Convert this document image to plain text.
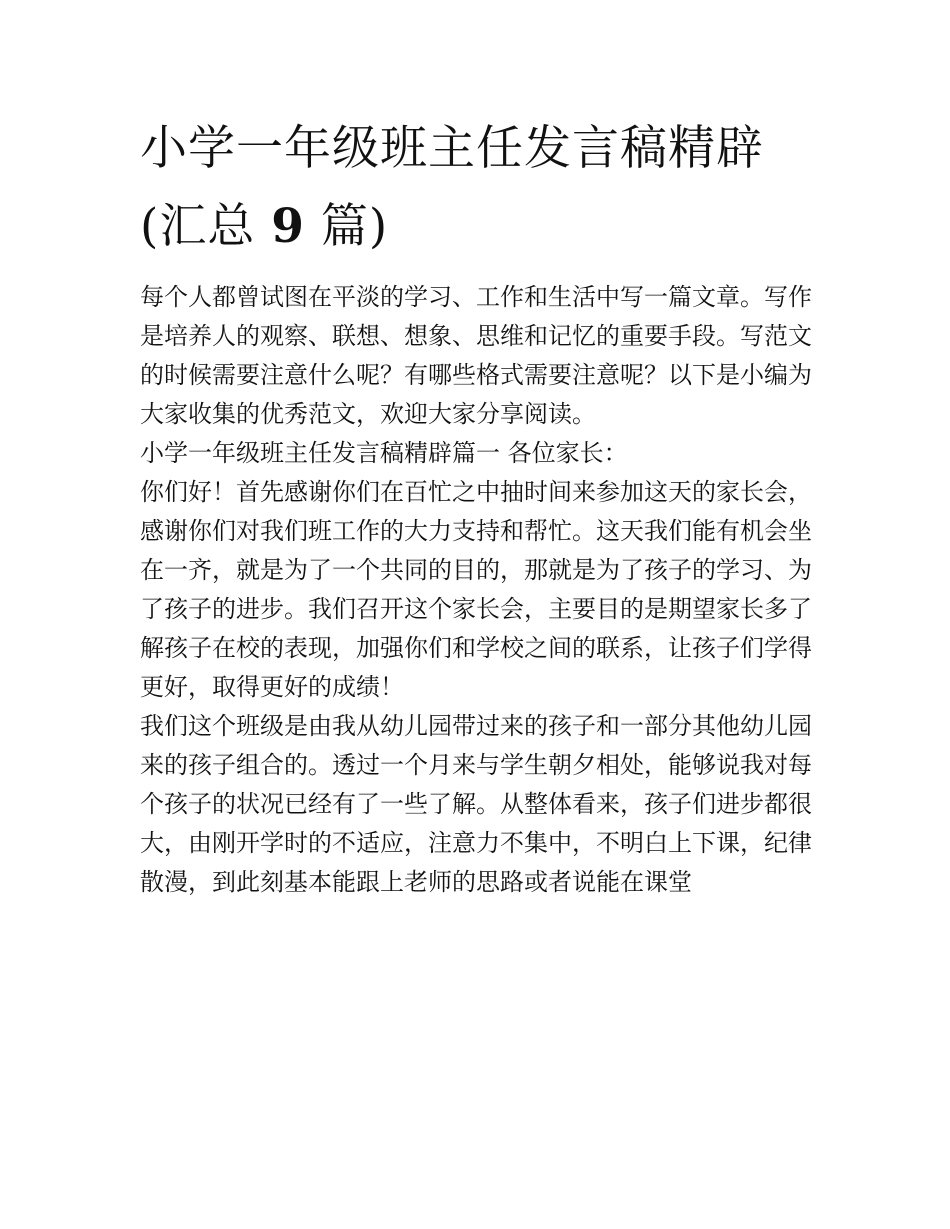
小学一年级班主任发言稿精辟
(汇总 9 篇)

每个人都曾试图在平淡的学习、工作和生活中写一篇文章。写作是培养人的观察、联想、想象、思维和记忆的重要手段。写范文的时候需要注意什么呢？有哪些格式需要注意呢？以下是小编为大家收集的优秀范文，欢迎大家分享阅读。

小学一年级班主任发言稿精辟篇一 各位家长：

你们好！首先感谢你们在百忙之中抽时间来参加这天的家长会，感谢你们对我们班工作的大力支持和帮忙。这天我们能有机会坐在一齐，就是为了一个共同的目的，那就是为了孩子的学习、为了孩子的进步。我们召开这个家长会，主要目的是期望家长多了解孩子在校的表现，加强你们和学校之间的联系，让孩子们学得更好，取得更好的成绩！

我们这个班级是由我从幼儿园带过来的孩子和一部分其他幼儿园来的孩子组合的。透过一个月来与学生朝夕相处，能够说我对每个孩子的状况已经有了一些了解。从整体看来，孩子们进步都很大，由刚开学时的不适应，注意力不集中，不明白上下课，纪律散漫，到此刻基本能跟上老师的思路或者说能在课堂
